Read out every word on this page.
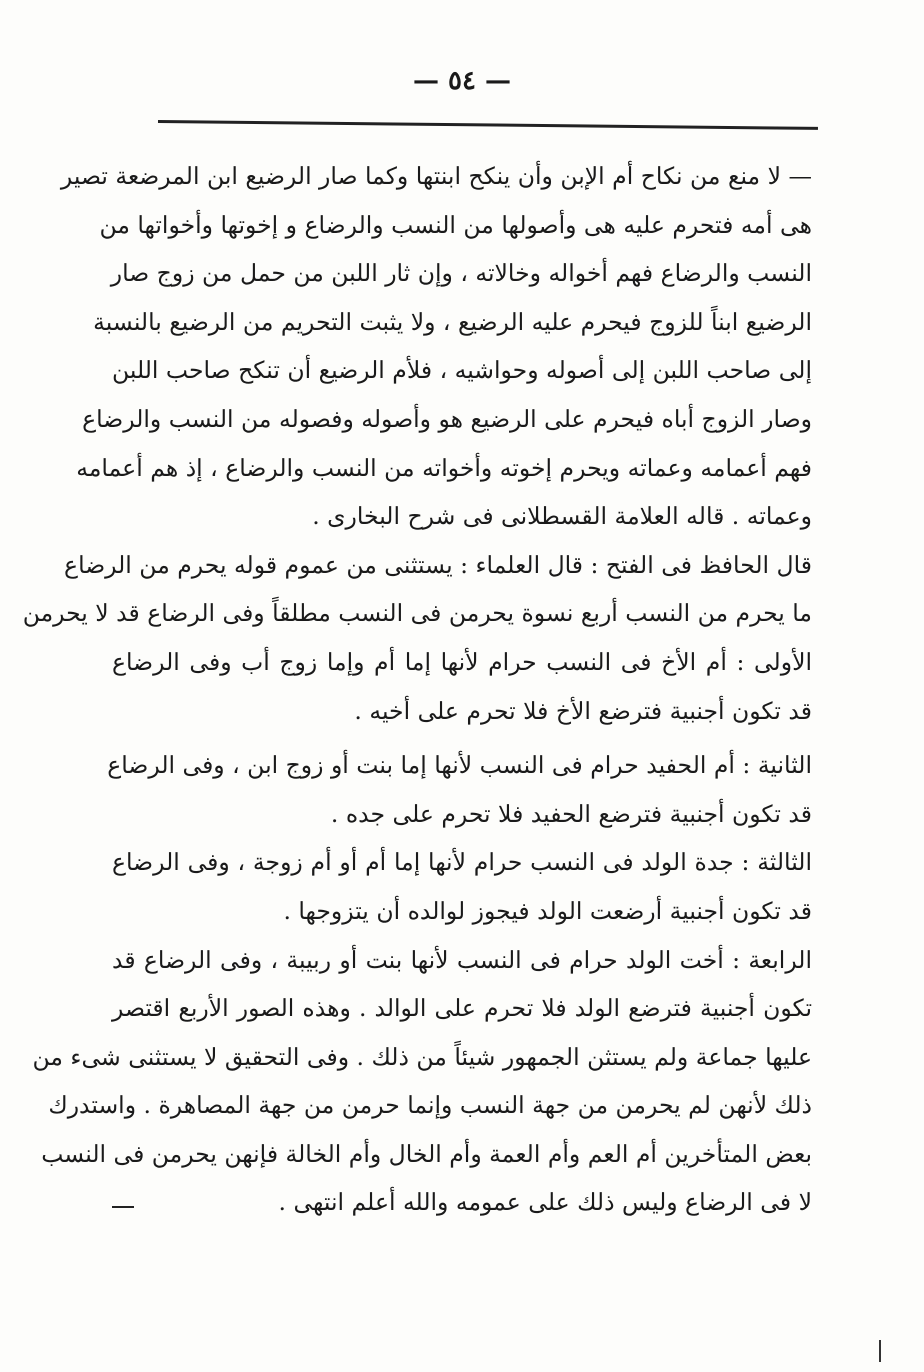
— ٥٤ —
— لا منع من نكاح أم الإبن وأن ينكح ابنتها وكما صار الرضيع ابن المرضعة تصير
هى أمه فتحرم عليه هى وأصولها من النسب والرضاع و إخوتها وأخواتها من
النسب والرضاع فهم أخواله وخالاته ، وإن ثار اللبن من حمل من زوج صار
الرضيع ابناً للزوج فيحرم عليه الرضيع ، ولا يثبت التحريم من الرضيع بالنسبة
إلى صاحب اللبن إلى أصوله وحواشيه ، فلأم الرضيع أن تنكح صاحب اللبن
وصار الزوج أباه فيحرم على الرضيع هو وأصوله وفصوله من النسب والرضاع
فهم أعمامه وعماته ويحرم إخوته وأخواته من النسب والرضاع ، إذ هم أعمامه
وعماته . قاله العلامة القسطلانى فى شرح البخارى .
قال الحافظ فى الفتح : قال العلماء : يستثنى من عموم قوله يحرم من الرضاع
ما يحرم من النسب أربع نسوة يحرمن فى النسب مطلقاً وفى الرضاع قد لا يحرمن
الأولى : أم الأخ فى النسب حرام لأنها إما أم وإما زوج أب وفى الرضاع
قد تكون أجنبية فترضع الأخ فلا تحرم على أخيه .
الثانية : أم الحفيد حرام فى النسب لأنها إما بنت أو زوج ابن ، وفى الرضاع
قد تكون أجنبية فترضع الحفيد فلا تحرم على جده .
الثالثة : جدة الولد فى النسب حرام لأنها إما أم أو أم زوجة ، وفى الرضاع
قد تكون أجنبية أرضعت الولد فيجوز لوالده أن يتزوجها .
الرابعة : أخت الولد حرام فى النسب لأنها بنت أو ربيبة ، وفى الرضاع قد
تكون أجنبية فترضع الولد فلا تحرم على الوالد . وهذه الصور الأربع اقتصر
عليها جماعة ولم يستثن الجمهور شيئاً من ذلك . وفى التحقيق لا يستثنى شىء من
ذلك لأنهن لم يحرمن من جهة النسب وإنما حرمن من جهة المصاهرة . واستدرك
بعض المتأخرين أم العم وأم العمة وأم الخال وأم الخالة فإنهن يحرمن فى النسب
لا فى الرضاع وليس ذلك على عمومه والله أعلم انتهى .
